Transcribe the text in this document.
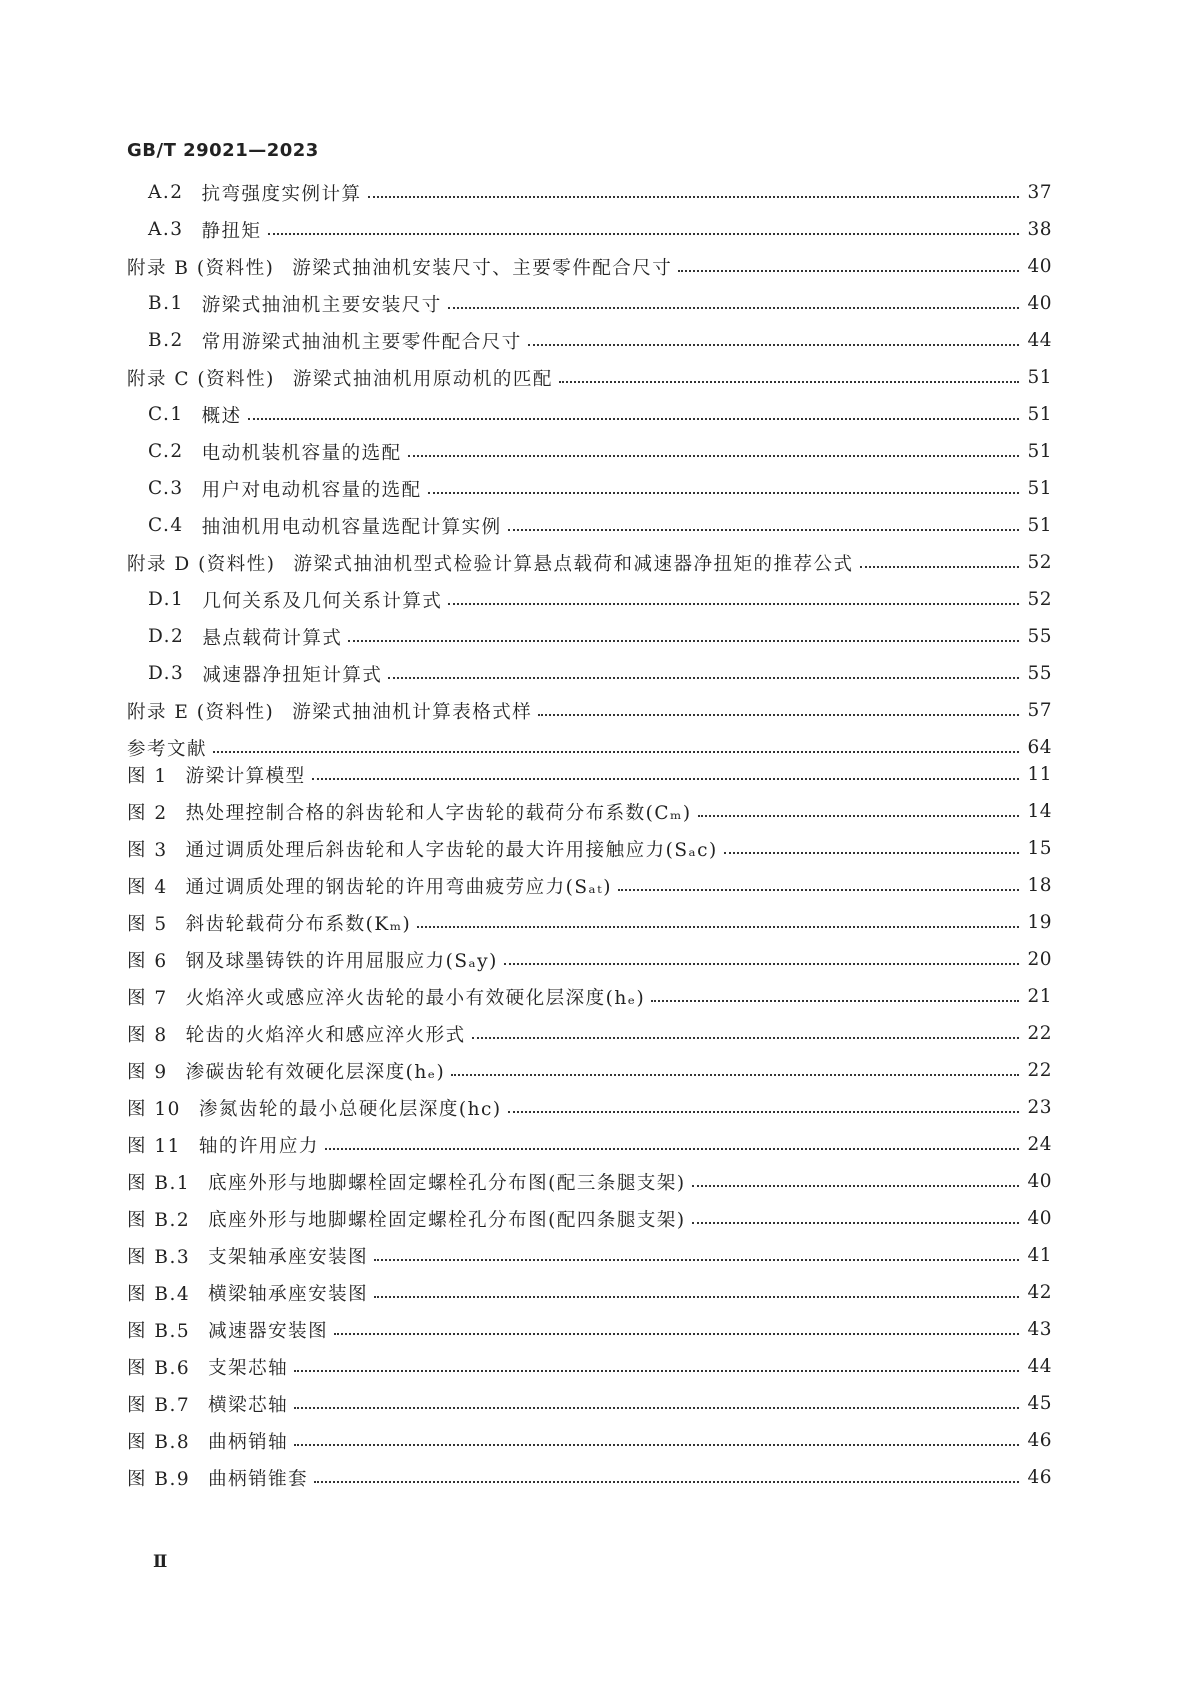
GB/T 29021—2023
A.2 抗弯强度实例计算	37
A.3 静扭矩	38
附录 B (资料性) 游梁式抽油机安装尺寸、主要零件配合尺寸	40
B.1 游梁式抽油机主要安装尺寸	40
B.2 常用游梁式抽油机主要零件配合尺寸	44
附录 C (资料性) 游梁式抽油机用原动机的匹配	51
C.1 概述	51
C.2 电动机装机容量的选配	51
C.3 用户对电动机容量的选配	51
C.4 抽油机用电动机容量选配计算实例	51
附录 D (资料性) 游梁式抽油机型式检验计算悬点载荷和减速器净扭矩的推荐公式	52
D.1 几何关系及几何关系计算式	52
D.2 悬点载荷计算式	55
D.3 减速器净扭矩计算式	55
附录 E (资料性) 游梁式抽油机计算表格式样	57
参考文献	64
图 1 游梁计算模型	11
图 2 热处理控制合格的斜齿轮和人字齿轮的载荷分布系数(Cₘ)	14
图 3 通过调质处理后斜齿轮和人字齿轮的最大许用接触应力(Sₐc)	15
图 4 通过调质处理的钢齿轮的许用弯曲疲劳应力(Sₐₜ)	18
图 5 斜齿轮载荷分布系数(Kₘ)	19
图 6 钢及球墨铸铁的许用屈服应力(Sₐy)	20
图 7 火焰淬火或感应淬火齿轮的最小有效硬化层深度(hₑ)	21
图 8 轮齿的火焰淬火和感应淬火形式	22
图 9 渗碳齿轮有效硬化层深度(hₑ)	22
图 10 渗氮齿轮的最小总硬化层深度(hc)	23
图 11 轴的许用应力	24
图 B.1 底座外形与地脚螺栓固定螺栓孔分布图(配三条腿支架)	40
图 B.2 底座外形与地脚螺栓固定螺栓孔分布图(配四条腿支架)	40
图 B.3 支架轴承座安装图	41
图 B.4 横梁轴承座安装图	42
图 B.5 减速器安装图	43
图 B.6 支架芯轴	44
图 B.7 横梁芯轴	45
图 B.8 曲柄销轴	46
图 B.9 曲柄销锥套	46
Ⅱ
